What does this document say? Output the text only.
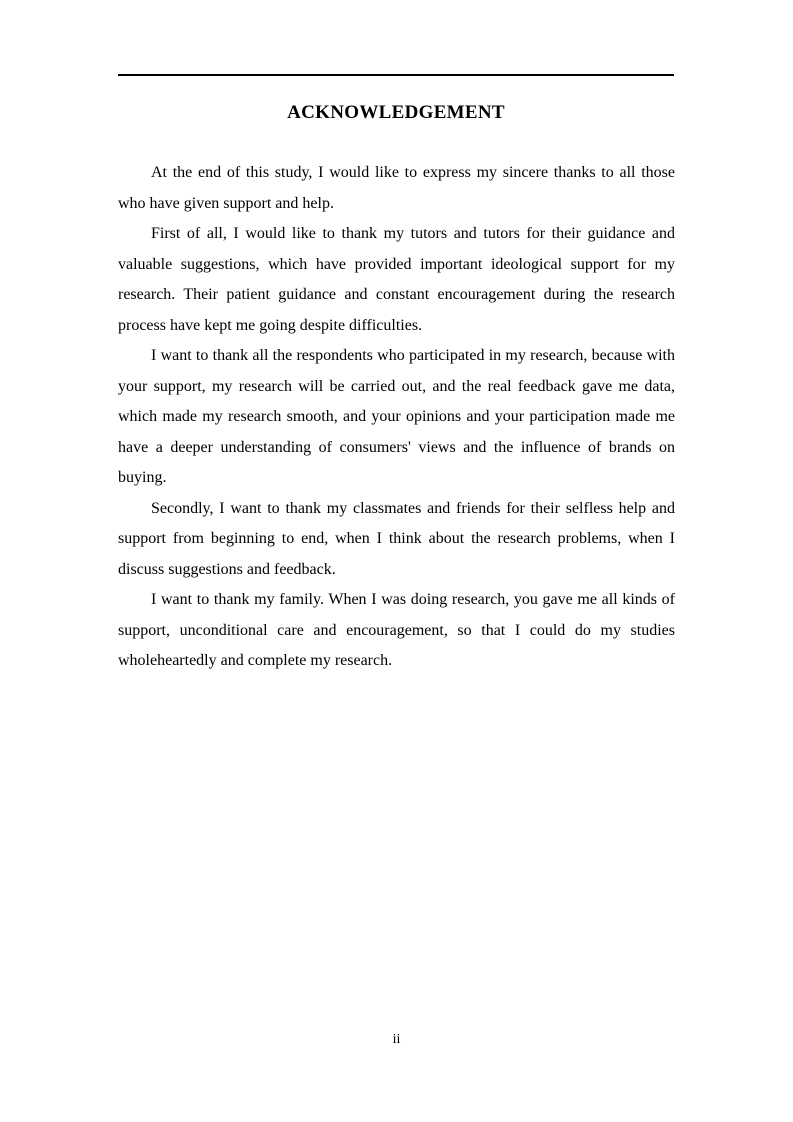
ACKNOWLEDGEMENT

At the end of this study, I would like to express my sincere thanks to all those who have given support and help.

First of all, I would like to thank my tutors and tutors for their guidance and valuable suggestions, which have provided important ideological support for my research. Their patient guidance and constant encouragement during the research process have kept me going despite difficulties.

I want to thank all the respondents who participated in my research, because with your support, my research will be carried out, and the real feedback gave me data, which made my research smooth, and your opinions and your participation made me have a deeper understanding of consumers' views and the influence of brands on buying.

Secondly, I want to thank my classmates and friends for their selfless help and support from beginning to end, when I think about the research problems, when I discuss suggestions and feedback.

I want to thank my family. When I was doing research, you gave me all kinds of support, unconditional care and encouragement, so that I could do my studies wholeheartedly and complete my research.

ii
